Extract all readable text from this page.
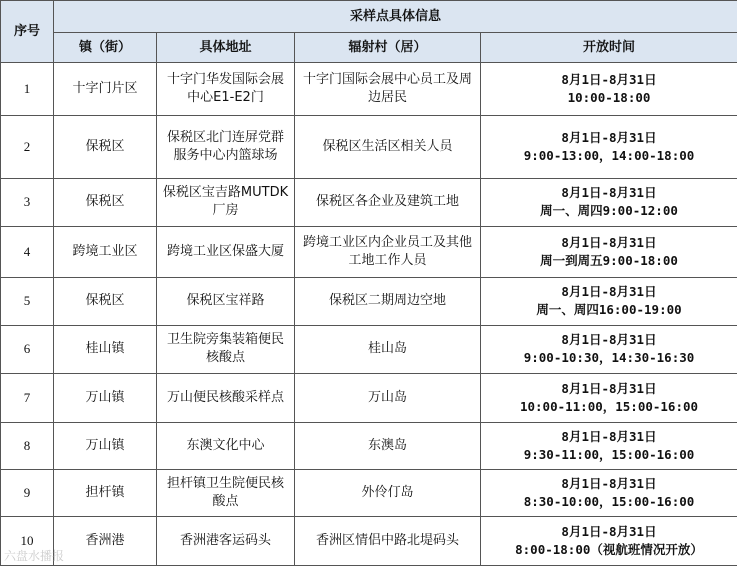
序号	采样点具体信息			
	镇（街）	具体地址	辐射村（居）	开放时间
1	十字门片区	十字门华发国际会展中心E1-E2门	十字门国际会展中心员工及周边居民	8月1日-8月31日
10:00-18:00

2	保税区	保税区北门连屏党群服务中心内篮球场	保税区生活区相关人员	8月1日-8月31日
9:00-13:00，14:00-18:00

3	保税区	保税区宝吉路MUTDK厂房	保税区各企业及建筑工地	8月1日-8月31日
周一、周四9:00-12:00

4	跨境工业区	跨境工业区保盛大厦	跨境工业区内企业员工及其他工地工作人员	8月1日-8月31日
周一到周五9:00-18:00

5	保税区	保税区宝祥路	保税区二期周边空地	8月1日-8月31日
周一、周四16:00-19:00

6	桂山镇	卫生院旁集装箱便民核酸点	桂山岛	8月1日-8月31日
9:00-10:30，14:30-16:30

7	万山镇	万山便民核酸采样点	万山岛	8月1日-8月31日
10:00-11:00，15:00-16:00

8	万山镇	东澳文化中心	东澳岛	8月1日-8月31日
9:30-11:00，15:00-16:00

9	担杆镇	担杆镇卫生院便民核酸点	外伶仃岛	8月1日-8月31日
8:30-10:00，15:00-16:00

10	香洲港	香洲港客运码头	香洲区情侣中路北堤码头	8月1日-8月31日
8:00-18:00（视航班情况开放）
六盘水播报
